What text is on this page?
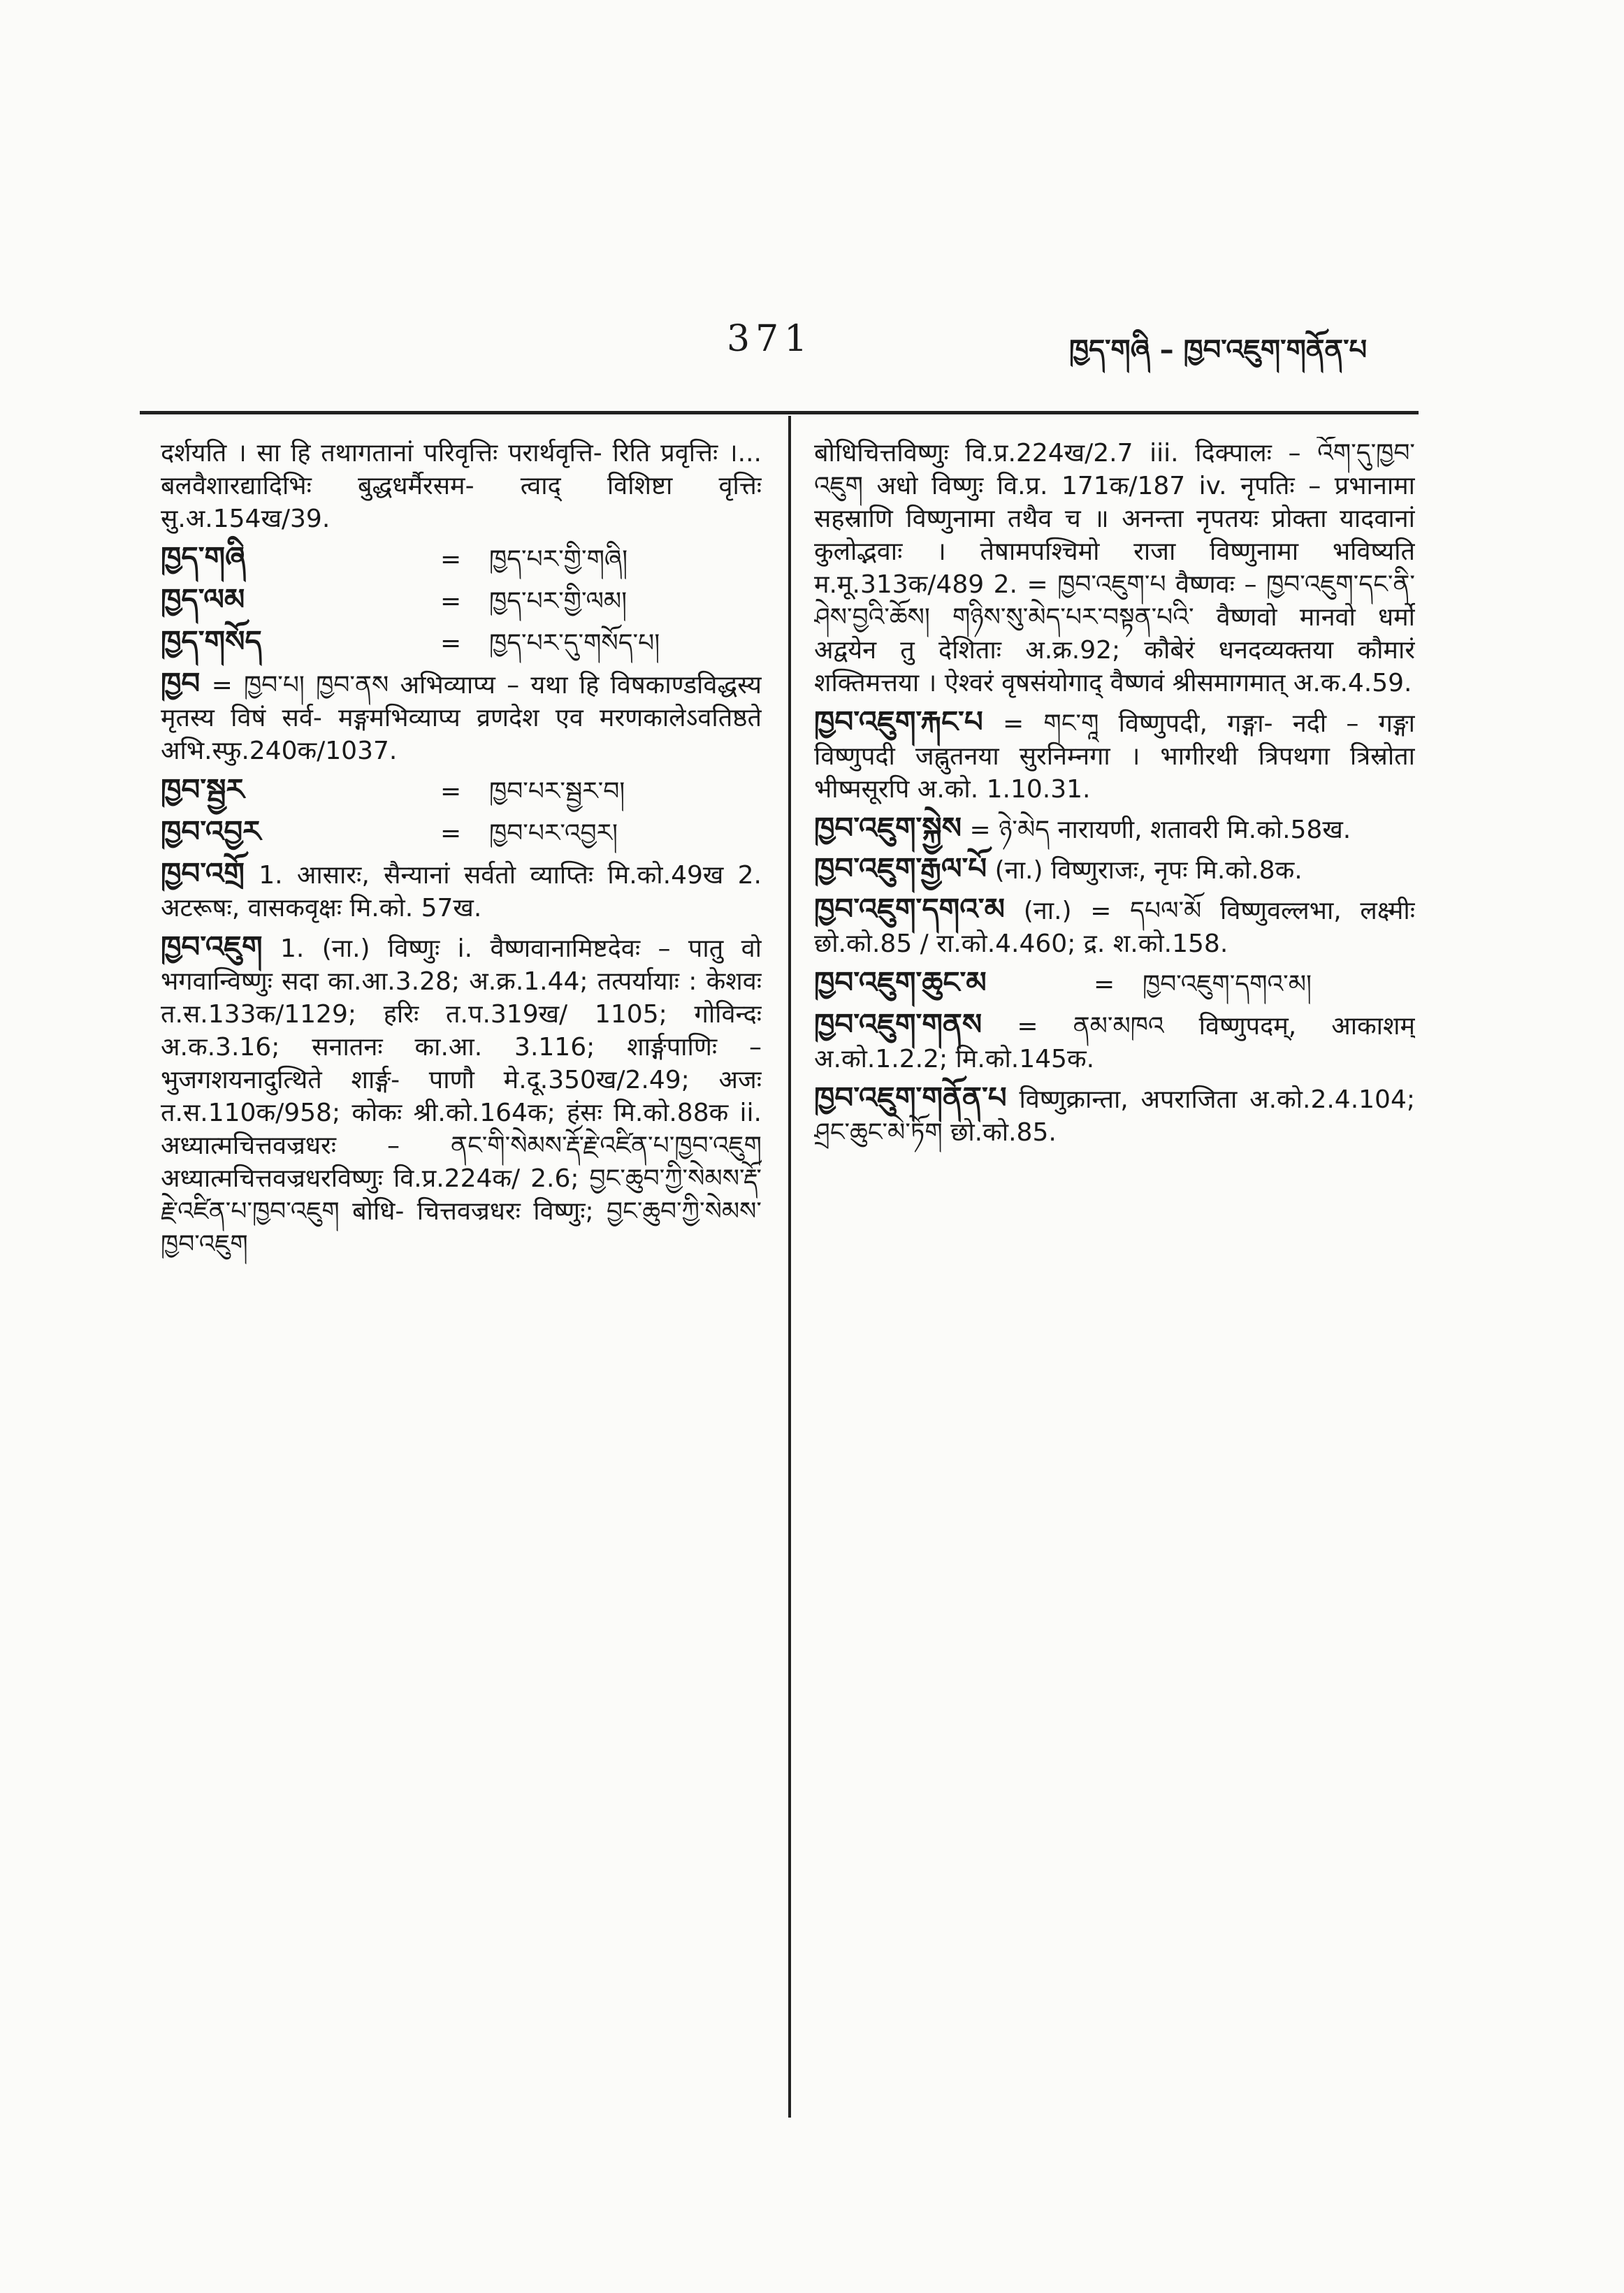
371	ཁྱད་གཞི – ཁྱབ་འཇུག་གནོན་པ

दर्शयति । सा हि तथागतानां परिवृत्तिः परार्थवृत्ति- रिति प्रवृत्तिः ।... बलवैशारद्यादिभिः बुद्धधर्मैरसम- त्वाद् विशिष्टा वृत्तिः सु.अ.154ख/39.

ཁྱད་གཞི	=	ཁྱད་པར་གྱི་གཞི།
ཁྱད་ལམ	=	ཁྱད་པར་གྱི་ལམ།
ཁྱད་གསོད	=	ཁྱད་པར་དུ་གསོད་པ།

ཁྱབ = ཁྱབ་པ། ཁྱབ་ནས अभिव्याप्य – यथा हि विषकाण्डविद्धस्य मृतस्य विषं सर्व- मङ्गमभिव्याप्य व्रणदेश एव मरणकालेऽवतिष्ठते अभि.स्फु.240क/1037.

ཁྱབ་སྦྱར	=	ཁྱབ་པར་སྦྱར་བ།
ཁྱབ་འབྱར	=	ཁྱབ་པར་འབྱར།

ཁྱབ་འགྲོ 1. आसारः, सैन्यानां सर्वतो व्याप्तिः मि.को.49ख 2. अटरूषः, वासकवृक्षः मि.को. 57ख.

ཁྱབ་འཇུག 1. (ना.) विष्णुः i. वैष्णवानामिष्टदेवः – पातु वो भगवान्विष्णुः सदा का.आ.3.28; अ.क्र.1.44; तत्पर्यायाः : केशवः त.स.133क/1129; हरिः त.प.319ख/ 1105; गोविन्दः अ.क.3.16; सनातनः का.आ. 3.116; शार्ङ्गपाणिः – भुजगशयनादुत्थिते शार्ङ्ग- पाणौ मे.दू.350ख/2.49; अजः त.स.110क/958; कोकः श्री.को.164क; हंसः मि.को.88क ii. अध्यात्मचित्तवज्रधरः – ནང་གི་སེམས་རྡོ་རྗེ་འཛིན་པ་ཁྱབ་འཇུག अध्यात्मचित्तवज्रधरविष्णुः वि.प्र.224क/ 2.6; བྱང་ཆུབ་ཀྱི་སེམས་རྡོ་རྗེ་འཛིན་པ་ཁྱབ་འཇུག बोधि- चित्तवज्रधरः विष्णुः; བྱང་ཆུབ་ཀྱི་སེམས་ཁྱབ་འཇུག

बोधिचित्तविष्णुः वि.प्र.224ख/2.7 iii. दिक्पालः – འོག་དུ་ཁྱབ་འཇུག अधो विष्णुः वि.प्र. 171क/187 iv. नृपतिः – प्रभानामा सहस्राणि विष्णुनामा तथैव च ॥ अनन्ता नृपतयः प्रोक्ता यादवानां कुलोद्भवाः । तेषामपश्चिमो राजा विष्णुनामा भविष्यति म.मू.313क/489 2. = ཁྱབ་འཇུག་པ वैष्णवः – ཁྱབ་འཇུག་དང་ནི་ཤེས་བྱའི་ཆོས། གཉིས་སུ་མེད་པར་བསྟན་པའི་ वैष्णवो मानवो धर्मो अद्वयेन तु देशिताः अ.क्र.92; कौबेरं धनदव्यक्तया कौमारं शक्तिमत्तया । ऐश्वरं वृषसंयोगाद् वैष्णवं श्रीसमागमात् अ.क.4.59.

ཁྱབ་འཇུག་རྐང་པ = གང་གཱ विष्णुपदी, गङ्गा- नदी – गङ्गा विष्णुपदी जह्नुतनया सुरनिम्नगा । भागीरथी त्रिपथगा त्रिस्रोता भीष्मसूरपि अ.को. 1.10.31.

ཁྱབ་འཇུག་སྐྱེས = ཉེ་མེད नारायणी, शतावरी मि.को.58ख.

ཁྱབ་འཇུག་རྒྱལ་པོ (ना.) विष्णुराजः, नृपः मि.को.8क.

ཁྱབ་འཇུག་དགའ་མ (ना.) = དཔལ་མོ विष्णुवल्लभा, लक्ष्मीः छो.को.85 / रा.को.4.460; द्र. श.को.158.

ཁྱབ་འཇུག་ཆུང་མ	=	ཁྱབ་འཇུག་དགའ་མ།

ཁྱབ་འཇུག་གནས = ནམ་མཁའ विष्णुपदम्, आकाशम् अ.को.1.2.2; मि.को.145क.

ཁྱབ་འཇུག་གནོན་པ विष्णुक्रान्ता, अपराजिता अ.को.2.4.104; ཤྲང་ཆུང་མེ་ཏོག छो.को.85.
